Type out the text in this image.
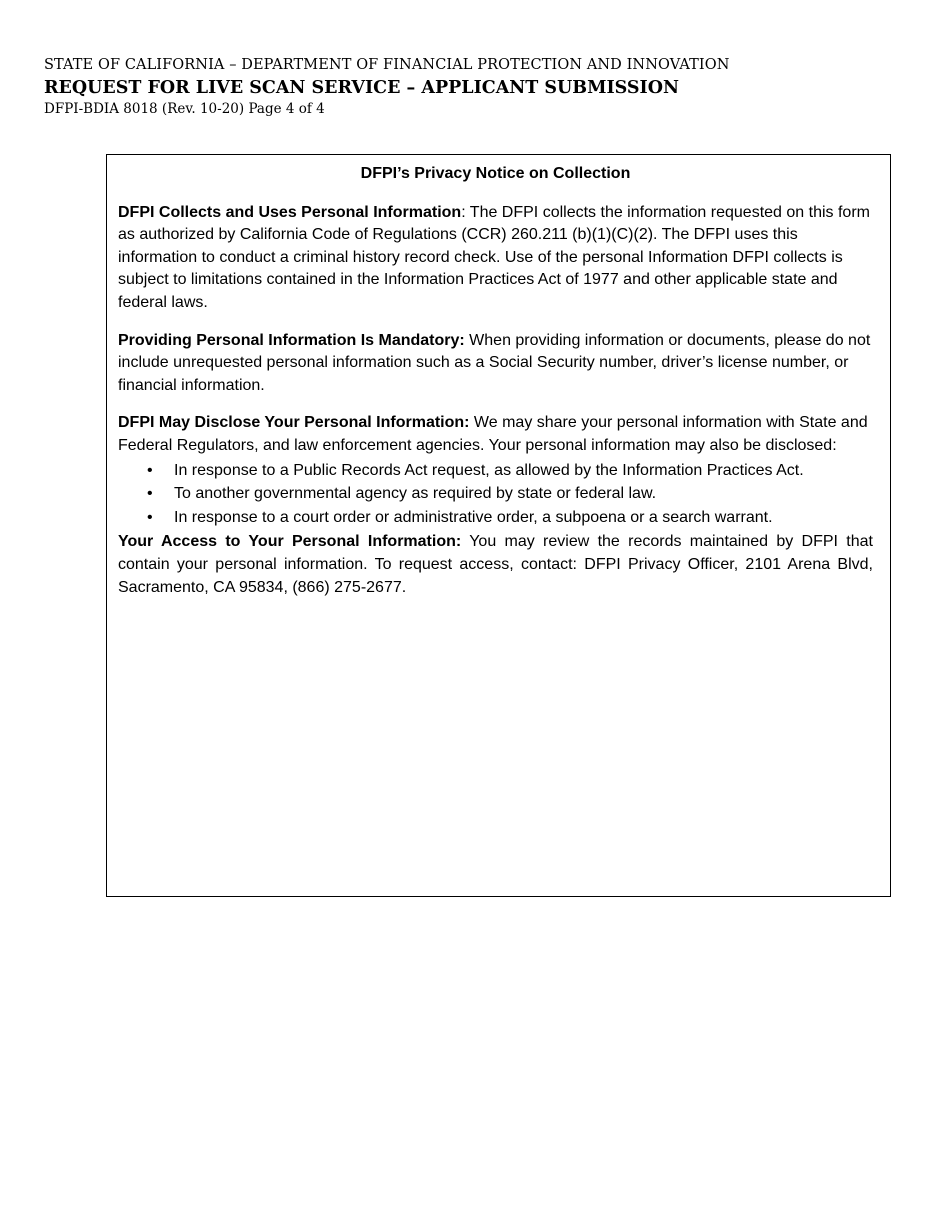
STATE OF CALIFORNIA – DEPARTMENT OF FINANCIAL PROTECTION AND INNOVATION
REQUEST FOR LIVE SCAN SERVICE – APPLICANT SUBMISSION
DFPI-BDIA 8018 (Rev. 10-20) Page 4 of 4
DFPI’s Privacy Notice on Collection

DFPI Collects and Uses Personal Information: The DFPI collects the information requested on this form as authorized by California Code of Regulations (CCR) 260.211 (b)(1)(C)(2). The DFPI uses this information to conduct a criminal history record check. Use of the personal Information DFPI collects is subject to limitations contained in the Information Practices Act of 1977 and other applicable state and federal laws.

Providing Personal Information Is Mandatory: When providing information or documents, please do not include unrequested personal information such as a Social Security number, driver’s license number, or financial information.

DFPI May Disclose Your Personal Information: We may share your personal information with State and Federal Regulators, and law enforcement agencies. Your personal information may also be disclosed:

• In response to a Public Records Act request, as allowed by the Information Practices Act.
• To another governmental agency as required by state or federal law.
• In response to a court order or administrative order, a subpoena or a search warrant.

Your Access to Your Personal Information: You may review the records maintained by DFPI that contain your personal information. To request access, contact: DFPI Privacy Officer, 2101 Arena Blvd, Sacramento, CA 95834, (866) 275-2677.
